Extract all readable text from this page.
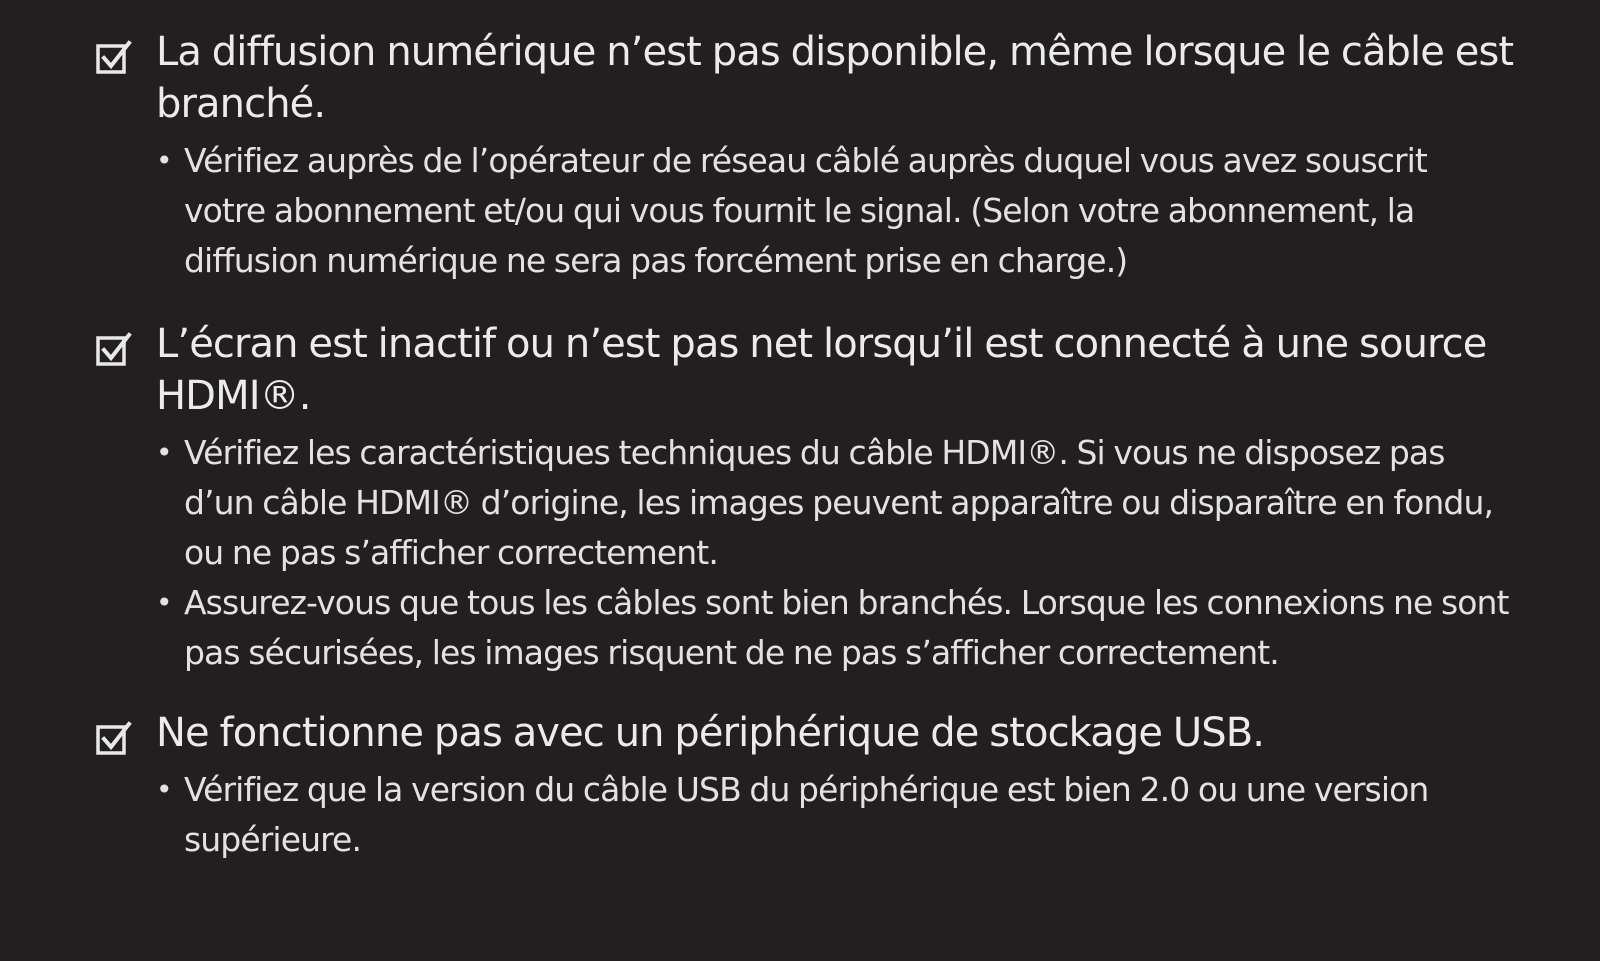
La diffusion numérique n’est pas disponible, même lorsque le câble est branché.
• Vérifiez auprès de l’opérateur de réseau câblé auprès duquel vous avez souscrit votre abonnement et/ou qui vous fournit le signal. (Selon votre abonnement, la diffusion numérique ne sera pas forcément prise en charge.)
L’écran est inactif ou n’est pas net lorsqu’il est connecté à une source HDMI®.
• Vérifiez les caractéristiques techniques du câble HDMI®. Si vous ne disposez pas d’un câble HDMI® d’origine, les images peuvent apparaître ou disparaître en fondu, ou ne pas s’afficher correctement.
• Assurez-vous que tous les câbles sont bien branchés. Lorsque les connexions ne sont pas sécurisées, les images risquent de ne pas s’afficher correctement.
Ne fonctionne pas avec un périphérique de stockage USB.
• Vérifiez que la version du câble USB du périphérique est bien 2.0 ou une version supérieure.
